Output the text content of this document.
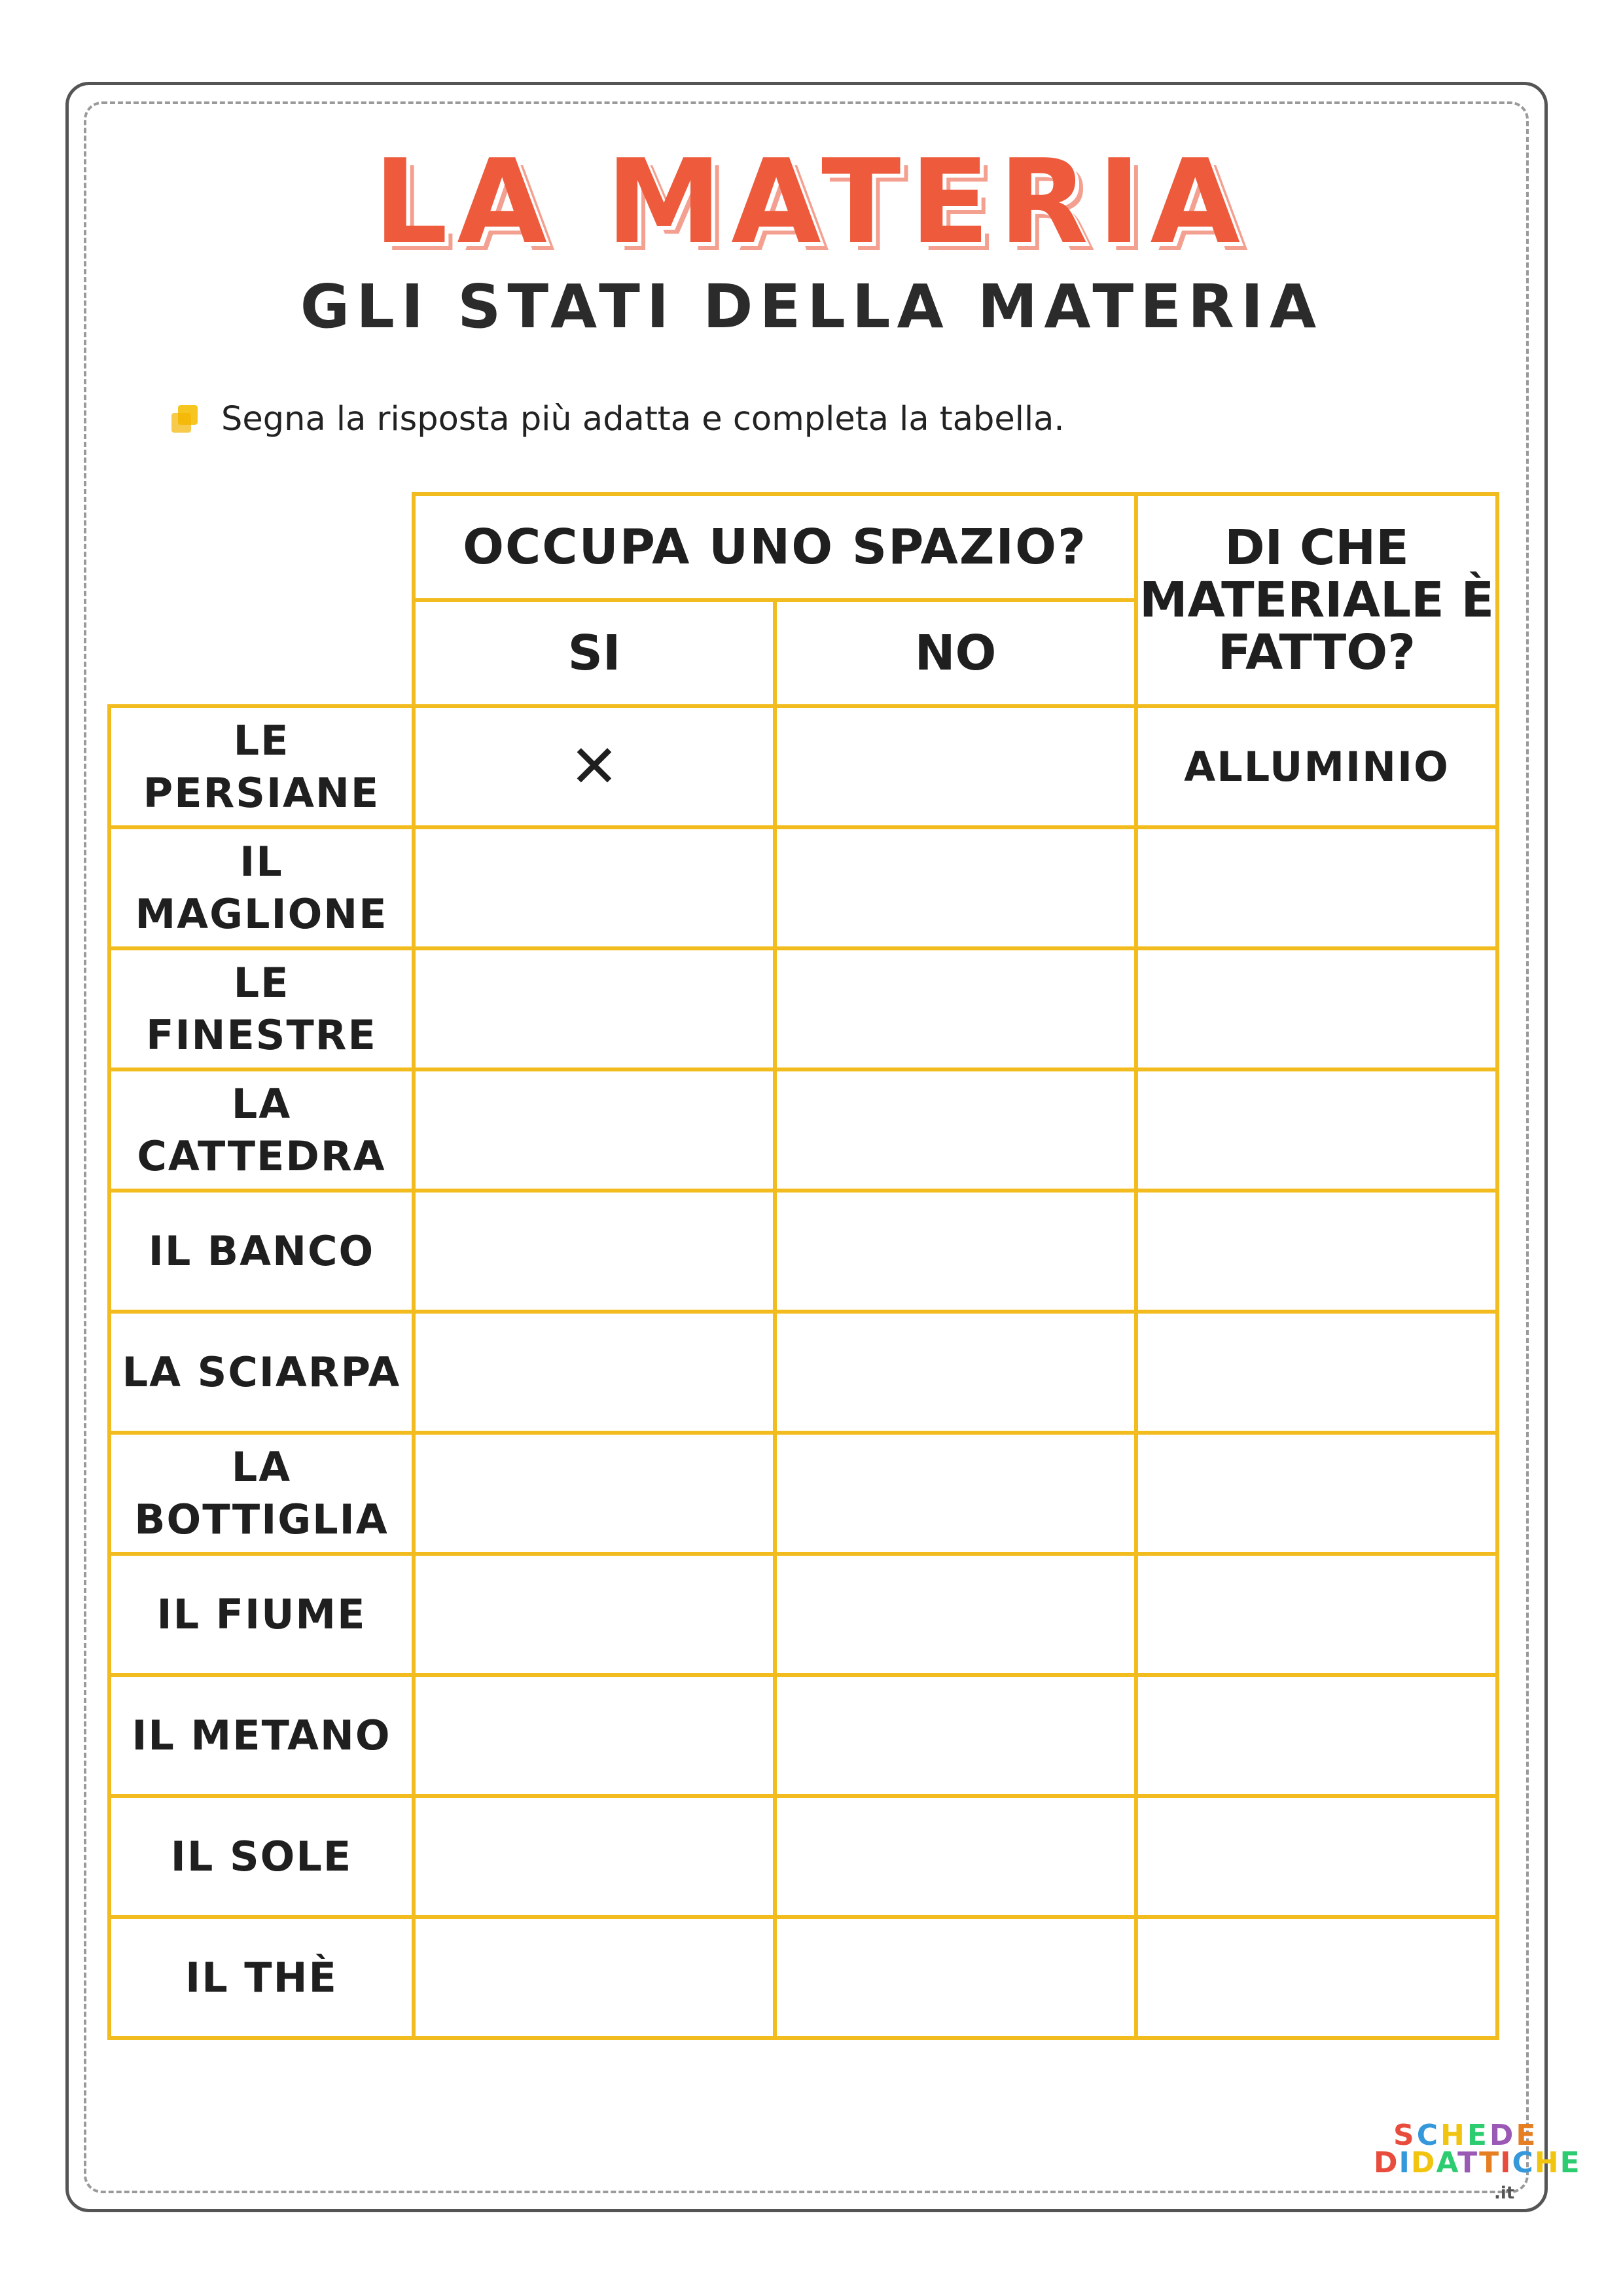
LA MATERIA
GLI STATI DELLA MATERIA
Segna la risposta più adatta e completa la tabella.
	OCCUPA UNO SPAZIO?		DI CHE MATERIALE È FATTO?
	SI	NO	
LE PERSIANE	✕		ALLUMINIO
IL MAGLIONE			
LE FINESTRE			
LA CATTEDRA			
IL BANCO			
LA SCIARPA			
LA BOTTIGLIA			
IL FIUME			
IL METANO			
IL SOLE			
IL THÈ			
SCHEDE
DIDATTICHE
.it
